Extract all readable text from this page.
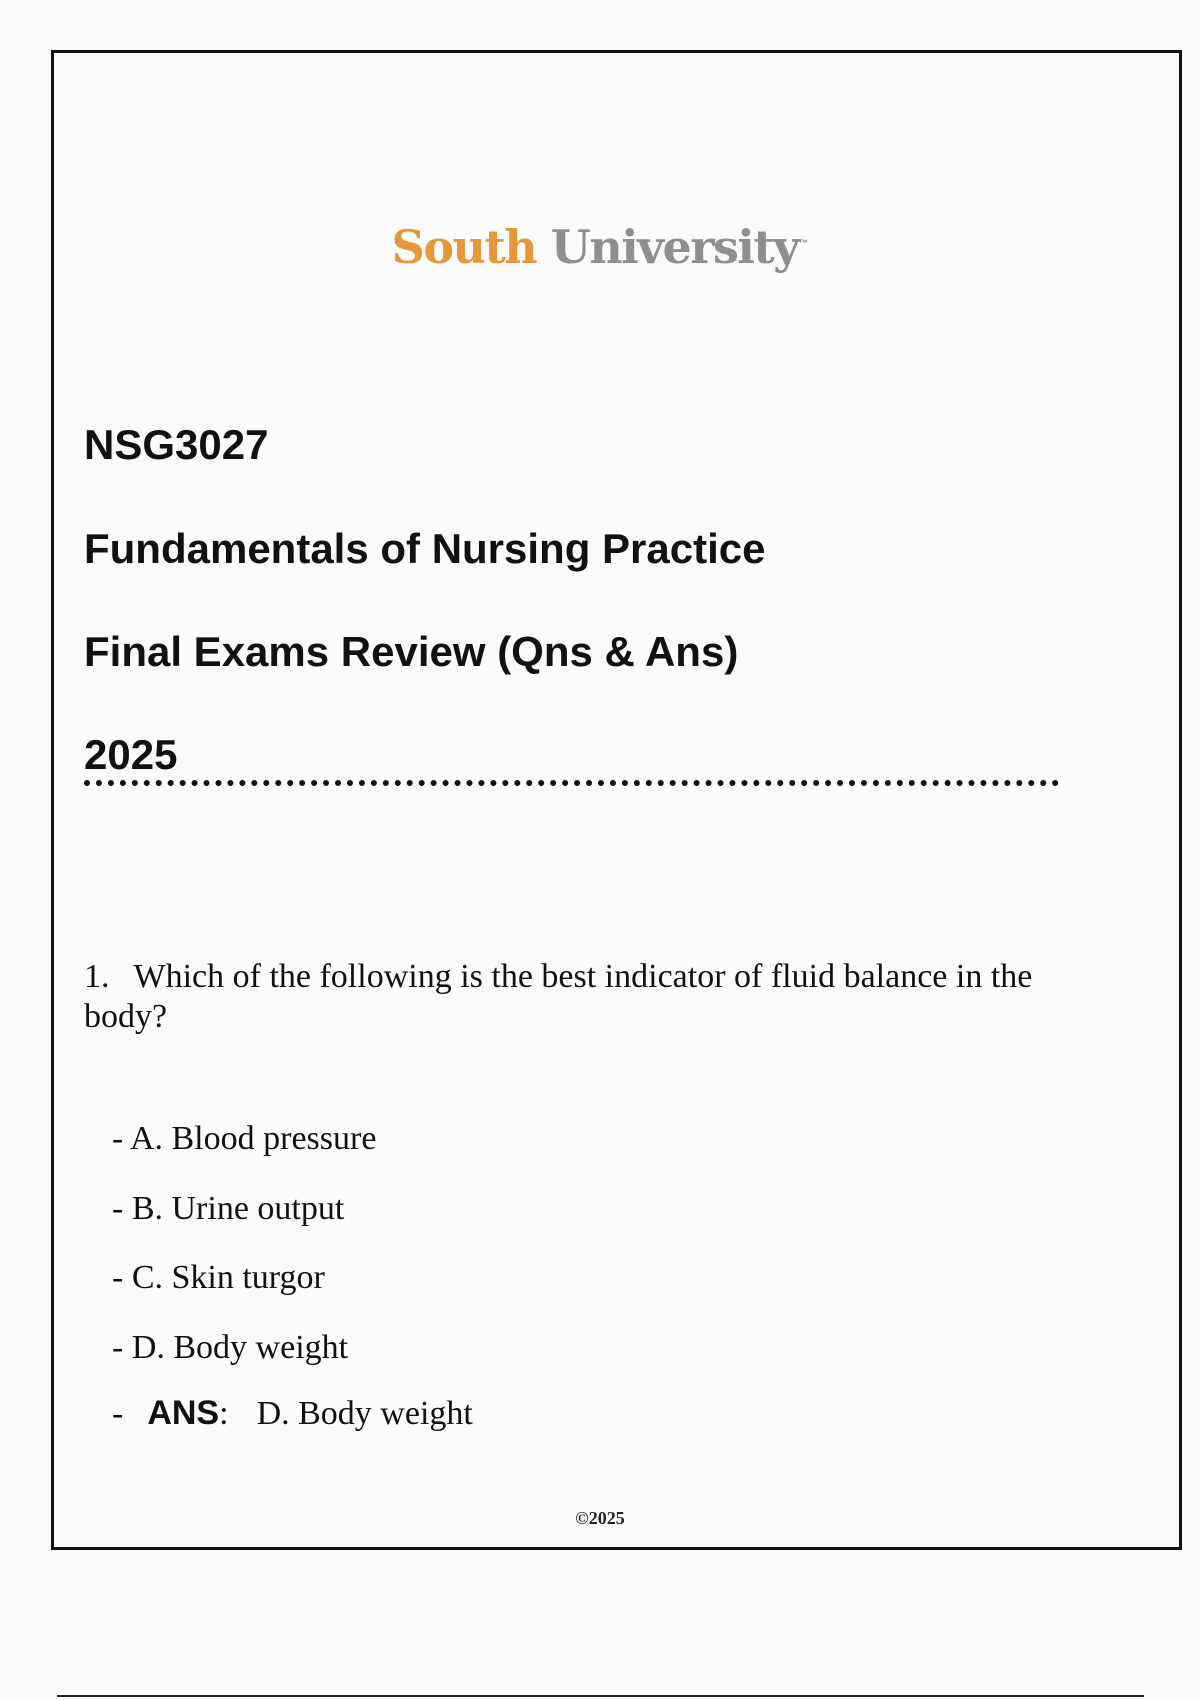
South University™
NSG3027
Fundamentals of Nursing Practice
Final Exams Review (Qns & Ans)
2025
1. Which of the following is the best indicator of fluid balance in the body?
- A. Blood pressure
- B. Urine output
- C. Skin turgor
- D. Body weight
- ANS: D. Body weight
©2025
